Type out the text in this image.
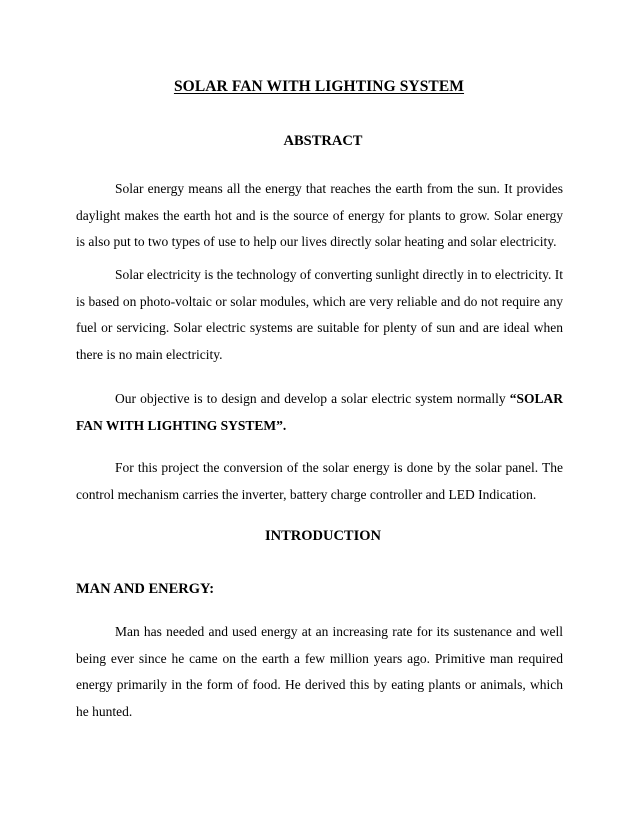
SOLAR FAN WITH LIGHTING SYSTEM
ABSTRACT
Solar energy means all the energy that reaches the earth from the sun. It provides daylight makes the earth hot and is the source of energy for plants to grow. Solar energy is also put to two types of use to help our lives directly solar heating and solar electricity.
Solar electricity is the technology of converting sunlight directly in to electricity. It is based on photo-voltaic or solar modules, which are very reliable and do not require any fuel or servicing. Solar electric systems are suitable for plenty of sun and are ideal when there is no main electricity.
Our objective is to design and develop a solar electric system normally “SOLAR FAN WITH LIGHTING SYSTEM”.
For this project the conversion of the solar energy is done by the solar panel. The control mechanism carries the inverter, battery charge controller and LED Indication.
INTRODUCTION
MAN AND ENERGY:
Man has needed and used energy at an increasing rate for its sustenance and well being ever since he came on the earth a few million years ago. Primitive man required energy primarily in the form of food. He derived this by eating plants or animals, which he hunted.
